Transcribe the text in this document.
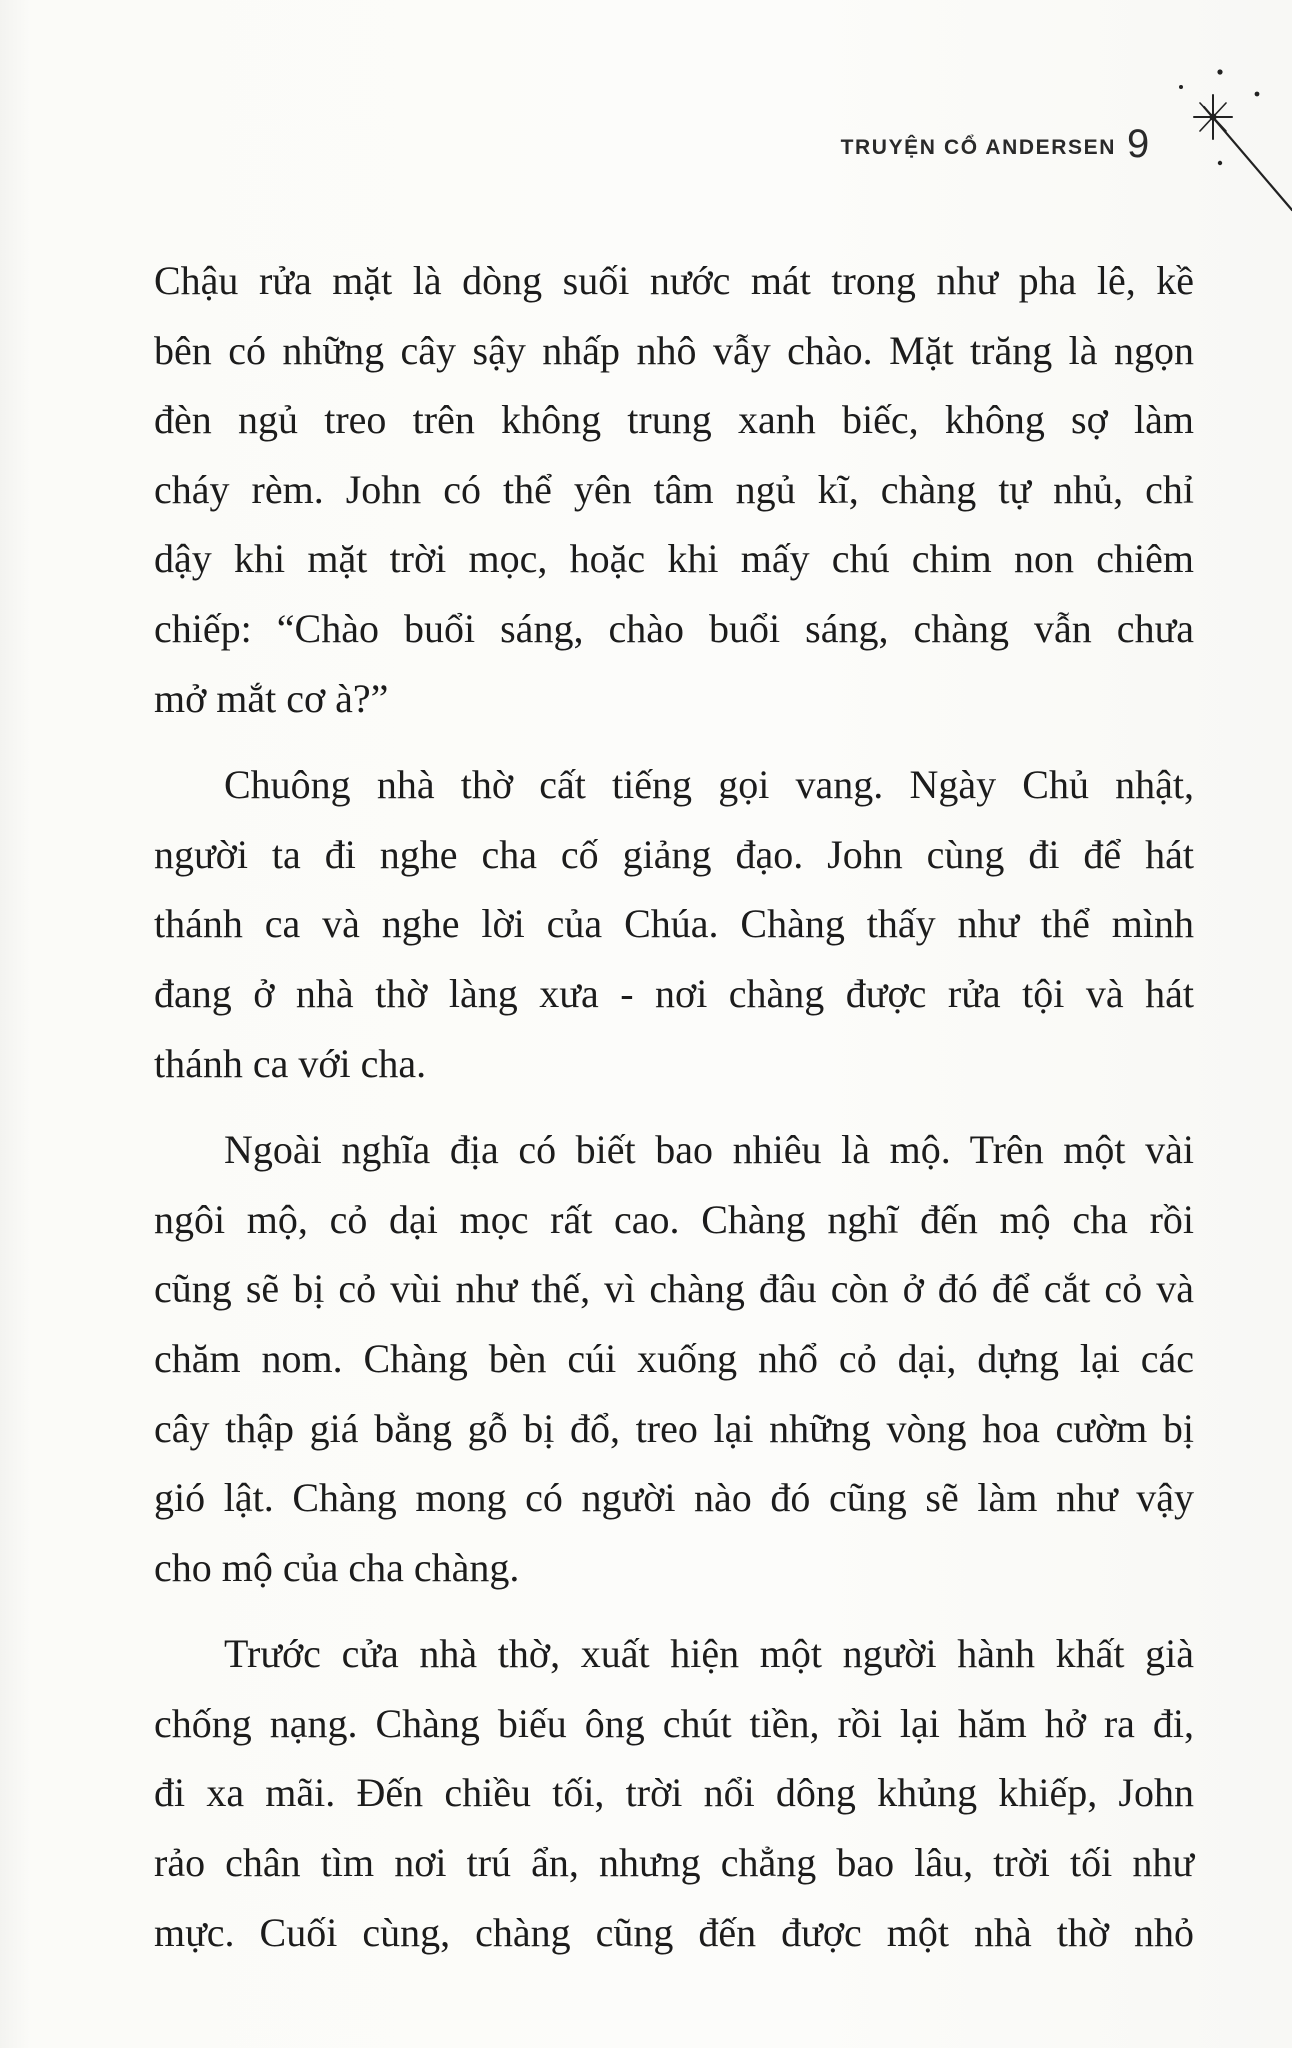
TRUYỆN CỔ ANDERSEN 9
Chậu rửa mặt là dòng suối nước mát trong như pha lê, kề
bên có những cây sậy nhấp nhô vẫy chào. Mặt trăng là ngọn
đèn ngủ treo trên không trung xanh biếc, không sợ làm
cháy rèm. John có thể yên tâm ngủ kĩ, chàng tự nhủ, chỉ
dậy khi mặt trời mọc, hoặc khi mấy chú chim non chiêm
chiếp: “Chào buổi sáng, chào buổi sáng, chàng vẫn chưa
mở mắt cơ à?”
Chuông nhà thờ cất tiếng gọi vang. Ngày Chủ nhật,
người ta đi nghe cha cố giảng đạo. John cùng đi để hát
thánh ca và nghe lời của Chúa. Chàng thấy như thể mình
đang ở nhà thờ làng xưa - nơi chàng được rửa tội và hát
thánh ca với cha.
Ngoài nghĩa địa có biết bao nhiêu là mộ. Trên một vài
ngôi mộ, cỏ dại mọc rất cao. Chàng nghĩ đến mộ cha rồi
cũng sẽ bị cỏ vùi như thế, vì chàng đâu còn ở đó để cắt cỏ và
chăm nom. Chàng bèn cúi xuống nhổ cỏ dại, dựng lại các
cây thập giá bằng gỗ bị đổ, treo lại những vòng hoa cườm bị
gió lật. Chàng mong có người nào đó cũng sẽ làm như vậy
cho mộ của cha chàng.
Trước cửa nhà thờ, xuất hiện một người hành khất già
chống nạng. Chàng biếu ông chút tiền, rồi lại hăm hở ra đi,
đi xa mãi. Đến chiều tối, trời nổi dông khủng khiếp, John
rảo chân tìm nơi trú ẩn, nhưng chẳng bao lâu, trời tối như
mực. Cuối cùng, chàng cũng đến được một nhà thờ nhỏ
